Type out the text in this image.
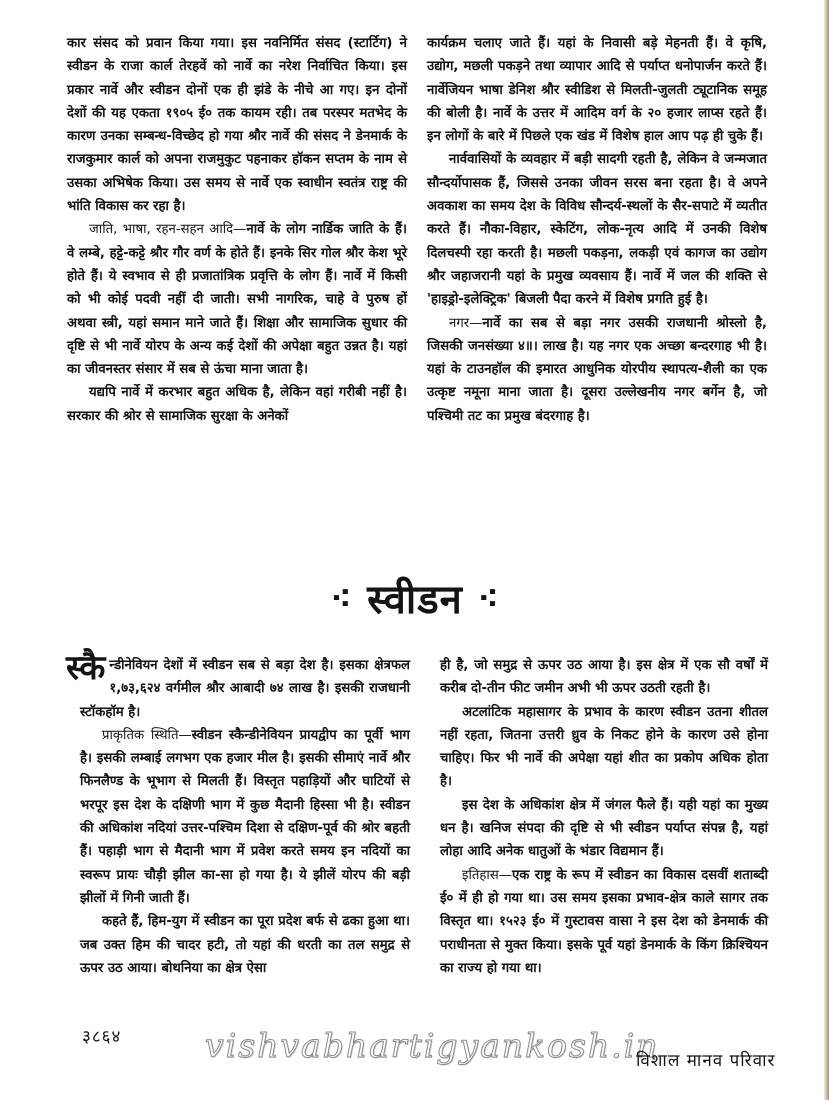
कार संसद को प्रवान किया गया। इस नवनिर्मित संसद (स्टार्टिग) ने स्वीडन के राजा कार्ल तेरहवें को नार्वे का नरेश निर्वाचित किया। इस प्रकार नार्वे और स्वीडन दोनों एक ही झंडे के नीचे आ गए। इन दोनों देशों की यह एकता १९०५ ई० तक कायम रही। तब परस्पर मतभेद के कारण उनका सम्बन्ध-विच्छेद हो गया श्रौर नार्वे की संसद ने डेनमार्क के राजकुमार कार्ल को अपना राजमुकुट पहनाकर हॉकन सप्तम के नाम से उसका अभिषेक किया। उस समय से नार्वे एक स्वाधीन स्वतंत्र राष्ट्र की भांति विकास कर रहा है।

जाति, भाषा, रहन-सहन आदि—नार्वे के लोग नार्डिक जाति के हैं। वे लम्बे, हट्टे-कट्टे श्रौर गौर वर्ण के होते हैं। इनके सिर गोल श्रौर केश भूरे होते हैं। ये स्वभाव से ही प्रजातांत्रिक प्रवृत्ति के लोग हैं। नार्वे में किसी को भी कोई पदवी नहीं दी जाती। सभी नागरिक, चाहे वे पुरुष हों अथवा स्त्री, यहां समान माने जाते हैं। शिक्षा और सामाजिक सुधार की दृष्टि से भी नार्वे योरप के अन्य कई देशों की अपेक्षा बहुत उन्नत है। यहां का जीवनस्तर संसार में सब से ऊंचा माना जाता है।

यद्यपि नार्वे में करभार बहुत अधिक है, लेकिन वहां गरीबी नहीं है। सरकार की श्रोर से सामाजिक सुरक्षा के अनेकों

कार्यक्रम चलाए जाते हैं। यहां के निवासी बड़े मेहनती हैं। वे कृषि, उद्योग, मछली पकड़ने तथा व्यापार आदि से पर्याप्त धनोपार्जन करते हैं। नार्वेजियन भाषा डेनिश श्रौर स्वीडिश से मिलती-जुलती ट्यूटानिक समूह की बोली है। नार्वे के उत्तर में आदिम वर्ग के २० हजार लाप्स रहते हैं। इन लोगों के बारे में पिछले एक खंड में विशेष हाल आप पढ़ ही चुके हैं।

नार्ववासियों के व्यवहार में बड़ी सादगी रहती है, लेकिन वे जन्मजात सौन्दर्योपासक हैं, जिससे उनका जीवन सरस बना रहता है। वे अपने अवकाश का समय देश के विविध सौन्दर्य-स्थलों के सैर-सपाटे में व्यतीत करते हैं। नौका-विहार, स्केटिंग, लोक-नृत्य आदि में उनकी विशेष दिलचस्पी रहा करती है। मछली पकड़ना, लकड़ी एवं कागज का उद्योग श्रौर जहाजरानी यहां के प्रमुख व्यवसाय हैं। नार्वे में जल की शक्ति से 'हाइड्रो-इलेक्ट्रिक' बिजली पैदा करने में विशेष प्रगति हुई है।

नगर—नार्वे का सब से बड़ा नगर उसकी राजधानी श्रोस्लो है, जिसकी जनसंख्या ४॥। लाख है। यह नगर एक अच्छा बन्दरगाह भी है। यहां के टाउनहॉल की इमारत आधुनिक योरपीय स्थापत्य-शैली का एक उत्कृष्ट नमूना माना जाता है। दूसरा उल्लेखनीय नगर बर्गेन है, जो पश्चिमी तट का प्रमुख बंदरगाह है।

⁖ स्वीडन ⁖

स्कै न्डीनेवियन देशों में स्वीडन सब से बड़ा देश है। इसका क्षेत्रफल १,७३,६२४ वर्गमील श्रौर आबादी ७४ लाख है। इसकी राजधानी स्टॉकहॉम है।

प्राकृतिक स्थिति—स्वीडन स्कैन्डीनेवियन प्रायद्वीप का पूर्वी भाग है। इसकी लम्बाई लगभग एक हजार मील है। इसकी सीमाएं नार्वे श्रौर फिनलैण्ड के भूभाग से मिलती हैं। विस्तृत पहाड़ियों और घाटियों से भरपूर इस देश के दक्षिणी भाग में कुछ मैदानी हिस्सा भी है। स्वीडन की अधिकांश नदियां उत्तर-पश्चिम दिशा से दक्षिण-पूर्व की श्रोर बहती हैं। पहाड़ी भाग से मैदानी भाग में प्रवेश करते समय इन नदियों का स्वरूप प्रायः चौड़ी झील का-सा हो गया है। ये झीलें योरप की बड़ी झीलों में गिनी जाती हैं।

कहते हैं, हिम-युग में स्वीडन का पूरा प्रदेश बर्फ से ढका हुआ था। जब उक्त हिम की चादर हटी, तो यहां की धरती का तल समुद्र से ऊपर उठ आया। बोथनिया का क्षेत्र ऐसा

ही है, जो समुद्र से ऊपर उठ आया है। इस क्षेत्र में एक सौ वर्षों में करीब दो-तीन फीट जमीन अभी भी ऊपर उठती रहती है।

अटलांटिक महासागर के प्रभाव के कारण स्वीडन उतना शीतल नहीं रहता, जितना उत्तरी ध्रुव के निकट होने के कारण उसे होना चाहिए। फिर भी नार्वे की अपेक्षा यहां शीत का प्रकोप अधिक होता है।

इस देश के अधिकांश क्षेत्र में जंगल फैले हैं। यही यहां का मुख्य धन है। खनिज संपदा की दृष्टि से भी स्वीडन पर्याप्त संपन्न है, यहां लोहा आदि अनेक धातुओं के भंडार विद्यमान हैं।

इतिहास—एक राष्ट्र के रूप में स्वीडन का विकास दसवीं शताब्दी ई० में ही हो गया था। उस समय इसका प्रभाव-क्षेत्र काले सागर तक विस्तृत था। १५२३ ई० में गुस्टावस वासा ने इस देश को डेनमार्क की पराधीनता से मुक्त किया। इसके पूर्व यहां डेनमार्क के किंग क्रिश्चियन का राज्य हो गया था।

३८६४	vishvabhartigyankosh.in
विशाल मानव परिवार
